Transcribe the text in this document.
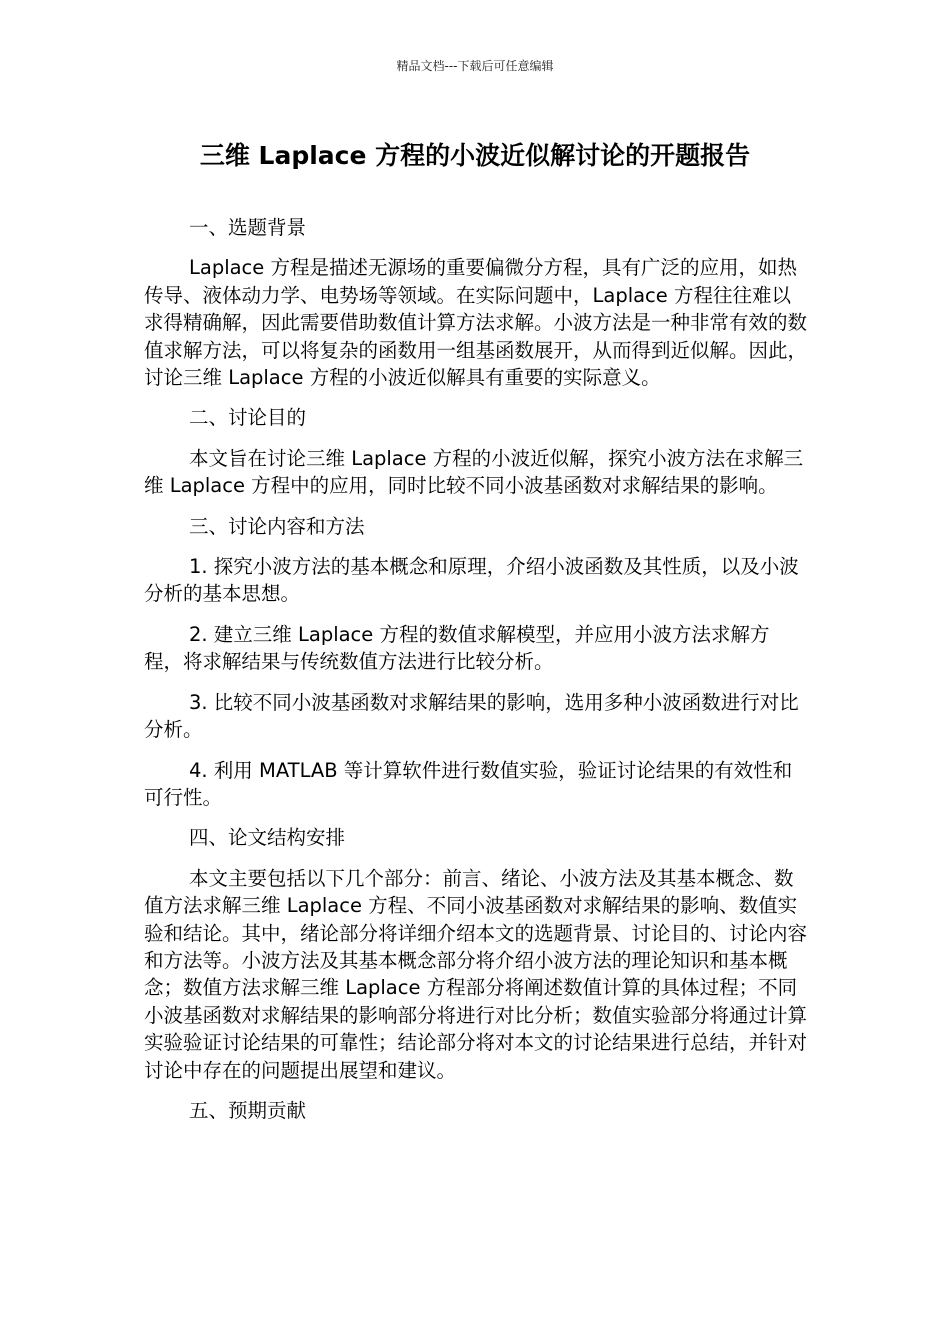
精品文档---下载后可任意编辑
三维 Laplace 方程的小波近似解讨论的开题报告

一、选题背景

Laplace 方程是描述无源场的重要偏微分方程，具有广泛的应用，如热传导、液体动力学、电势场等领域。在实际问题中，Laplace 方程往往难以求得精确解，因此需要借助数值计算方法求解。小波方法是一种非常有效的数值求解方法，可以将复杂的函数用一组基函数展开，从而得到近似解。因此，讨论三维 Laplace 方程的小波近似解具有重要的实际意义。

二、讨论目的

本文旨在讨论三维 Laplace 方程的小波近似解，探究小波方法在求解三维 Laplace 方程中的应用，同时比较不同小波基函数对求解结果的影响。

三、讨论内容和方法

1. 探究小波方法的基本概念和原理，介绍小波函数及其性质，以及小波分析的基本思想。

2. 建立三维 Laplace 方程的数值求解模型，并应用小波方法求解方程，将求解结果与传统数值方法进行比较分析。

3. 比较不同小波基函数对求解结果的影响，选用多种小波函数进行对比分析。

4. 利用 MATLAB 等计算软件进行数值实验，验证讨论结果的有效性和可行性。

四、论文结构安排

本文主要包括以下几个部分：前言、绪论、小波方法及其基本概念、数值方法求解三维 Laplace 方程、不同小波基函数对求解结果的影响、数值实验和结论。其中，绪论部分将详细介绍本文的选题背景、讨论目的、讨论内容和方法等。小波方法及其基本概念部分将介绍小波方法的理论知识和基本概念；数值方法求解三维 Laplace 方程部分将阐述数值计算的具体过程；不同小波基函数对求解结果的影响部分将进行对比分析；数值实验部分将通过计算实验验证讨论结果的可靠性；结论部分将对本文的讨论结果进行总结，并针对讨论中存在的问题提出展望和建议。

五、预期贡献
